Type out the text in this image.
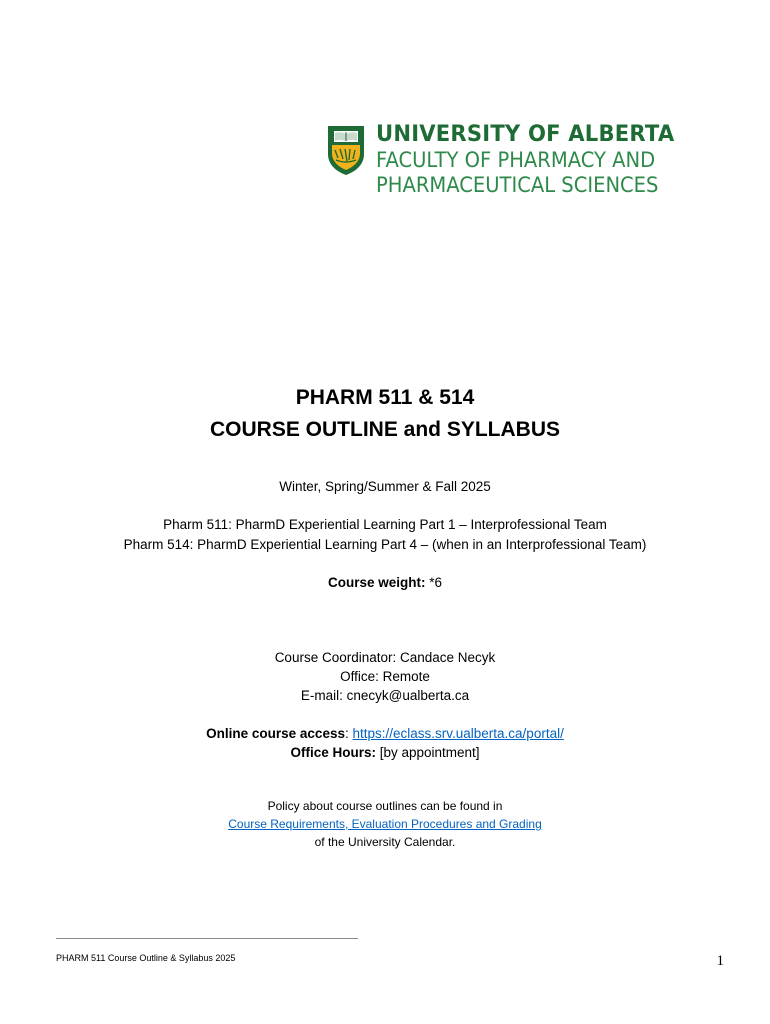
UNIVERSITY OF ALBERTA
FACULTY OF PHARMACY AND
PHARMACEUTICAL SCIENCES
PHARM 511 & 514
COURSE OUTLINE and SYLLABUS
Winter, Spring/Summer & Fall 2025
Pharm 511: PharmD Experiential Learning Part 1 – Interprofessional Team
Pharm 514: PharmD Experiential Learning Part 4 – (when in an Interprofessional Team)
Course weight: *6
Course Coordinator: Candace Necyk
Office: Remote
E-mail: cnecyk@ualberta.ca
Online course access: https://eclass.srv.ualberta.ca/portal/
Office Hours: [by appointment]
Policy about course outlines can be found in
Course Requirements, Evaluation Procedures and Grading
of the University Calendar.
PHARM 511 Course Outline & Syllabus 2025	1
